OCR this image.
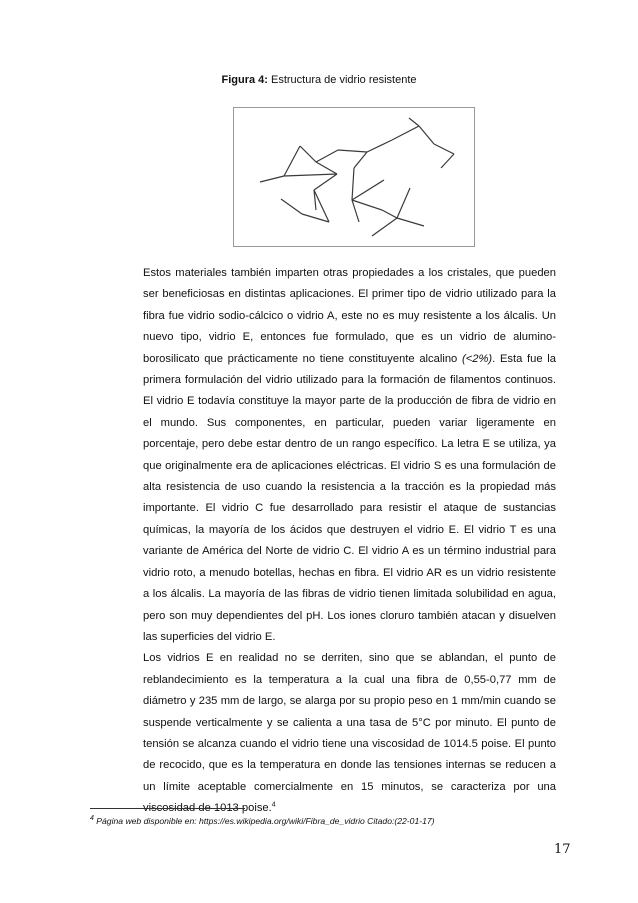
Figura 4: Estructura de vidrio resistente

Estos materiales también imparten otras propiedades a los cristales, que pueden ser beneficiosas en distintas aplicaciones. El primer tipo de vidrio utilizado para la fibra fue vidrio sodio-cálcico o vidrio A, este no es muy resistente a los álcalis. Un nuevo tipo, vidrio E, entonces fue formulado, que es un vidrio de alumino-borosilicato que prácticamente no tiene constituyente alcalino (<2%). Esta fue la primera formulación del vidrio utilizado para la formación de filamentos continuos. El vidrio E todavía constituye la mayor parte de la producción de fibra de vidrio en el mundo. Sus componentes, en particular, pueden variar ligeramente en porcentaje, pero debe estar dentro de un rango específico. La letra E se utiliza, ya que originalmente era de aplicaciones eléctricas. El vidrio S es una formulación de alta resistencia de uso cuando la resistencia a la tracción es la propiedad más importante. El vidrio C fue desarrollado para resistir el ataque de sustancias químicas, la mayoría de los ácidos que destruyen el vidrio E. El vidrio T es una variante de América del Norte de vidrio C. El vidrio A es un término industrial para vidrio roto, a menudo botellas, hechas en fibra. El vidrio AR es un vidrio resistente a los álcalis. La mayoría de las fibras de vidrio tienen limitada solubilidad en agua, pero son muy dependientes del pH. Los iones cloruro también atacan y disuelven las superficies del vidrio E.

Los vidrios E en realidad no se derriten, sino que se ablandan, el punto de reblandecimiento es la temperatura a la cual una fibra de 0,55-0,77 mm de diámetro y 235 mm de largo, se alarga por su propio peso en 1 mm/min cuando se suspende verticalmente y se calienta a una tasa de 5°C por minuto. El punto de tensión se alcanza cuando el vidrio tiene una viscosidad de 1014.5 poise. El punto de recocido, que es la temperatura en donde las tensiones internas se reducen a un límite aceptable comercialmente en 15 minutos, se caracteriza por una viscosidad de 1013 poise.$^4$

$^4$ Página web disponible en: https://es.wikipedia.org/wiki/Fibra_de_vidrio Citado:(22-01-17)
17
